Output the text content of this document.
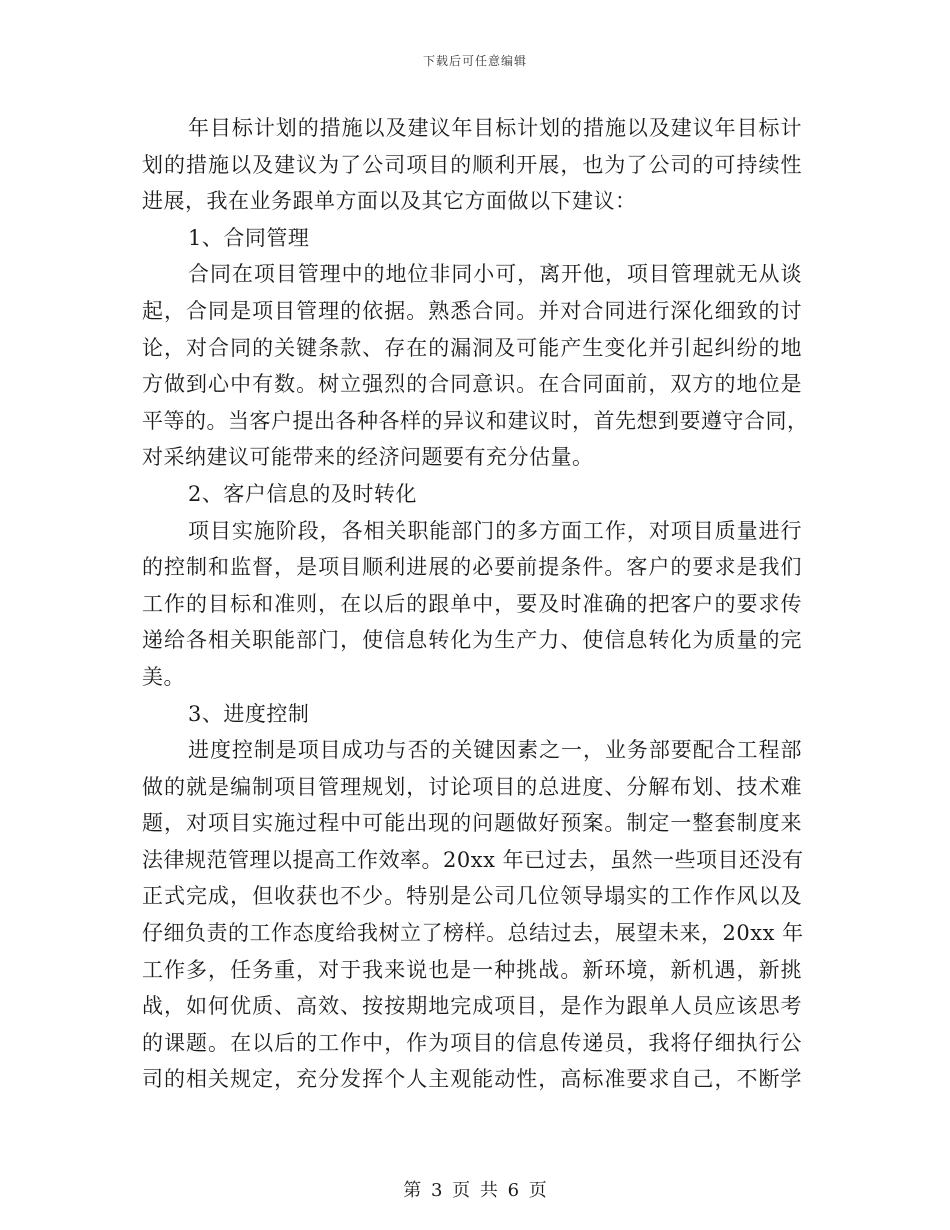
下载后可任意编辑
年目标计划的措施以及建议年目标计划的措施以及建议年目标计
划的措施以及建议为了公司项目的顺利开展，也为了公司的可持续性
进展，我在业务跟单方面以及其它方面做以下建议：
1、合同管理
合同在项目管理中的地位非同小可，离开他，项目管理就无从谈
起，合同是项目管理的依据。熟悉合同。并对合同进行深化细致的讨
论，对合同的关键条款、存在的漏洞及可能产生变化并引起纠纷的地
方做到心中有数。树立强烈的合同意识。在合同面前，双方的地位是
平等的。当客户提出各种各样的异议和建议时，首先想到要遵守合同，
对采纳建议可能带来的经济问题要有充分估量。
2、客户信息的及时转化
项目实施阶段，各相关职能部门的多方面工作，对项目质量进行
的控制和监督，是项目顺利进展的必要前提条件。客户的要求是我们
工作的目标和准则，在以后的跟单中，要及时准确的把客户的要求传
递给各相关职能部门，使信息转化为生产力、使信息转化为质量的完
美。
3、进度控制
进度控制是项目成功与否的关键因素之一，业务部要配合工程部
做的就是编制项目管理规划，讨论项目的总进度、分解布划、技术难
题，对项目实施过程中可能出现的问题做好预案。制定一整套制度来
法律规范管理以提高工作效率。20xx 年已过去，虽然一些项目还没有
正式完成，但收获也不少。特别是公司几位领导塌实的工作作风以及
仔细负责的工作态度给我树立了榜样。总结过去，展望未来，20xx 年
工作多，任务重，对于我来说也是一种挑战。新环境，新机遇，新挑
战，如何优质、高效、按按期地完成项目，是作为跟单人员应该思考
的课题。在以后的工作中，作为项目的信息传递员，我将仔细执行公
司的相关规定，充分发挥个人主观能动性，高标准要求自己，不断学
第 3 页 共 6 页
